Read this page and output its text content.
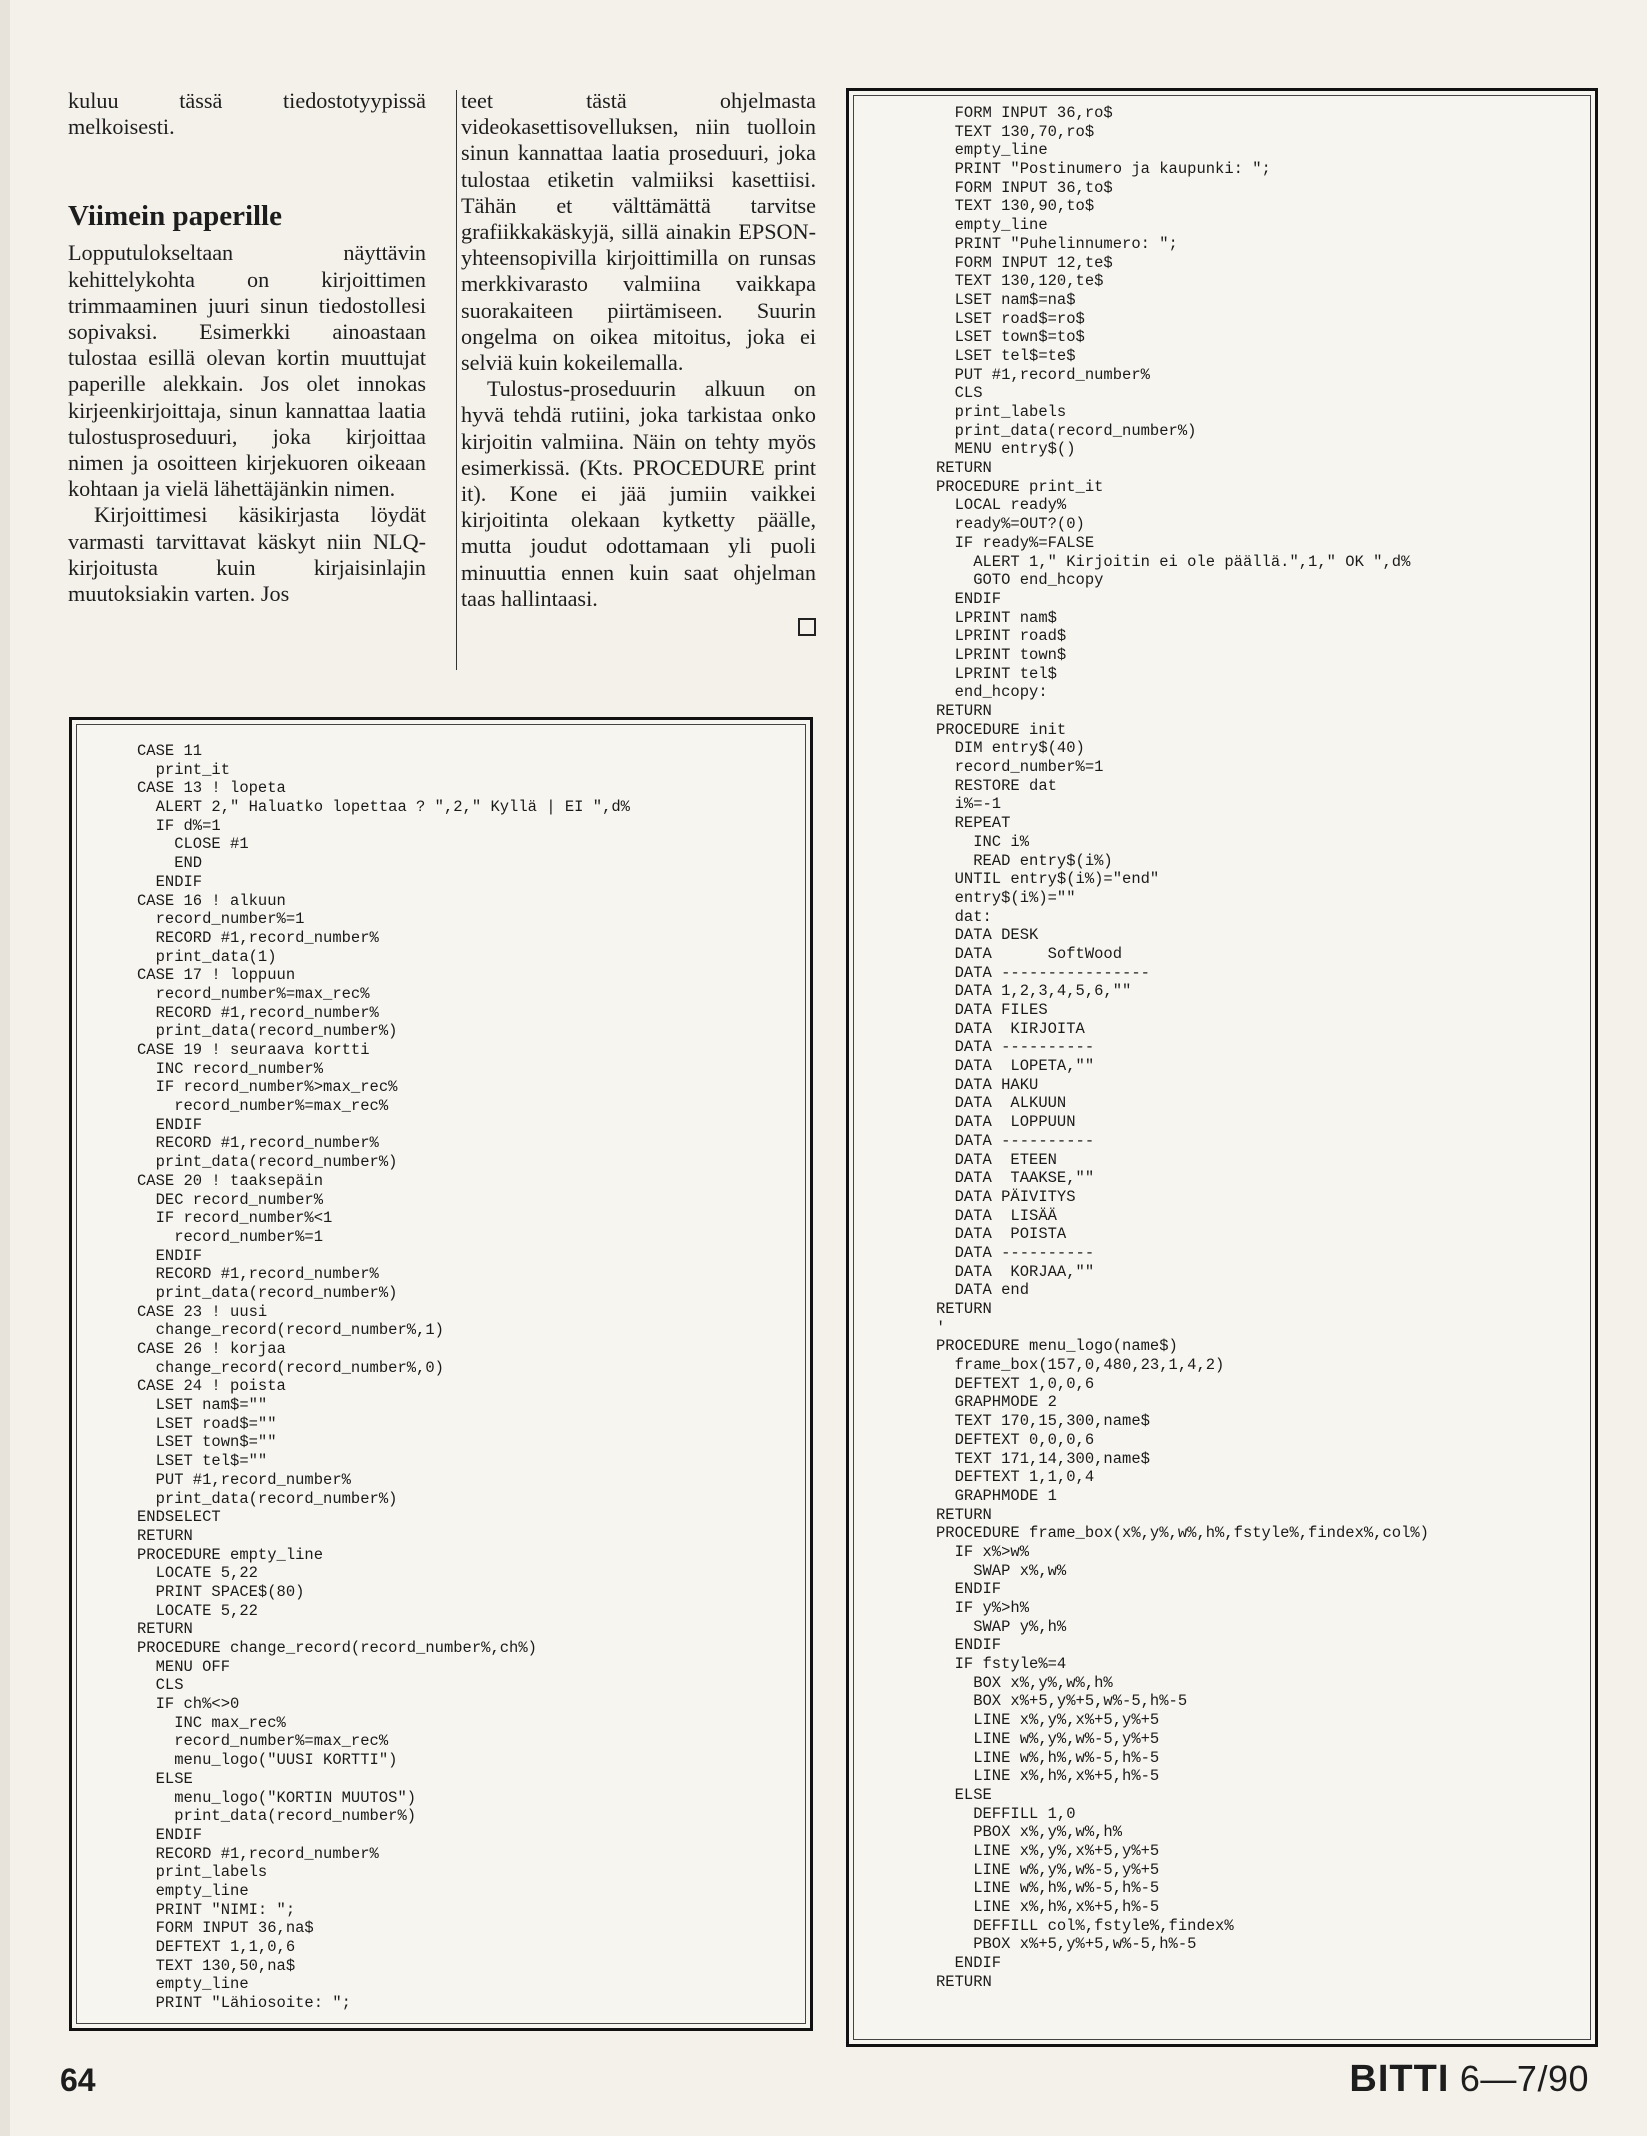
kuluu tässä tiedostotyypissä melkoisesti.

Viimein paperille

Lopputulokseltaan näyttävin kehittelykohta on kirjoittimen trimmaaminen juuri sinun tiedostollesi sopivaksi. Esimerkki ainoastaan tulostaa esillä olevan kortin muuttujat paperille alekkain. Jos olet innokas kirjeenkirjoittaja, sinun kannattaa laatia tulostusproseduuri, joka kirjoittaa nimen ja osoitteen kirjekuoren oikeaan kohtaan ja vielä lähettäjänkin nimen.

Kirjoittimesi käsikirjasta löydät varmasti tarvittavat käskyt niin NLQ-kirjoitusta kuin kirjaisinlajin muutoksiakin varten. Jos

teet tästä ohjelmasta videokasettisovelluksen, niin tuolloin sinun kannattaa laatia proseduuri, joka tulostaa etiketin valmiiksi kasettiisi. Tähän et välttämättä tarvitse grafiikkakäskyjä, sillä ainakin EPSON-yhteensopivilla kirjoittimilla on runsas merkkivarasto valmiina vaikkapa suorakaiteen piirtämiseen. Suurin ongelma on oikea mitoitus, joka ei selviä kuin kokeilemalla.

Tulostus-proseduurin alkuun on hyvä tehdä rutiini, joka tarkistaa onko kirjoitin valmiina. Näin on tehty myös esimerkissä. (Kts. PROCEDURE print it). Kone ei jää jumiin vaikkei kirjoitinta olekaan kytketty päälle, mutta joudut odottamaan yli puoli minuuttia ennen kuin saat ohjelman taas hallintaasi.

CASE 11
print_it
CASE 13 ! lopeta
ALERT 2," Haluatko lopettaa ? ",2," Kyllä | EI ",d%
IF d%=1
CLOSE #1
END
ENDIF
CASE 16 ! alkuun
record_number%=1
RECORD #1,record_number%
print_data(1)
CASE 17 ! loppuun
record_number%=max_rec%
RECORD #1,record_number%
print_data(record_number%)
CASE 19 ! seuraava kortti
INC record_number%
IF record_number%>max_rec%
record_number%=max_rec%
ENDIF
RECORD #1,record_number%
print_data(record_number%)
CASE 20 ! taaksepäin
DEC record_number%
IF record_number%<1
record_number%=1
ENDIF
RECORD #1,record_number%
print_data(record_number%)
CASE 23 ! uusi
change_record(record_number%,1)
CASE 26 ! korjaa
change_record(record_number%,0)
CASE 24 ! poista
LSET nam$=""
LSET road$=""
LSET town$=""
LSET tel$=""
PUT #1,record_number%
print_data(record_number%)
ENDSELECT
RETURN
PROCEDURE empty_line
LOCATE 5,22
PRINT SPACE$(80)
LOCATE 5,22
RETURN
PROCEDURE change_record(record_number%,ch%)
MENU OFF
CLS
IF ch%<>0
INC max_rec%
record_number%=max_rec%
menu_logo("UUSI KORTTI")
ELSE
menu_logo("KORTIN MUUTOS")
print_data(record_number%)
ENDIF
RECORD #1,record_number%
print_labels
empty_line
PRINT "NIMI: ";
FORM INPUT 36,na$
DEFTEXT 1,1,0,6
TEXT 130,50,na$
empty_line
PRINT "Lähiosoite: ";
FORM INPUT 36,ro$
TEXT 130,70,ro$
empty_line
PRINT "Postinumero ja kaupunki: ";
FORM INPUT 36,to$
TEXT 130,90,to$
empty_line
PRINT "Puhelinnumero: ";
FORM INPUT 12,te$
TEXT 130,120,te$
LSET nam$=na$
LSET road$=ro$
LSET town$=to$
LSET tel$=te$
PUT #1,record_number%
CLS
print_labels
print_data(record_number%)
MENU entry$()
RETURN
PROCEDURE print_it
LOCAL ready%
ready%=OUT?(0)
IF ready%=FALSE
ALERT 1," Kirjoitin ei ole päällä.",1," OK ",d%
GOTO end_hcopy
ENDIF
LPRINT nam$
LPRINT road$
LPRINT town$
LPRINT tel$
end_hcopy:
RETURN
PROCEDURE init
DIM entry$(40)
record_number%=1
RESTORE dat
i%=-1
REPEAT
INC i%
READ entry$(i%)
UNTIL entry$(i%)="end"
entry$(i%)=""
dat:
DATA DESK
DATA      SoftWood
DATA ----------------
DATA 1,2,3,4,5,6,""
DATA FILES
DATA  KIRJOITA
DATA ----------
DATA  LOPETA,""
DATA HAKU
DATA  ALKUUN
DATA  LOPPUUN
DATA ----------
DATA  ETEEN
DATA  TAAKSE,""
DATA PÄIVITYS
DATA  LISÄÄ
DATA  POISTA
DATA ----------
DATA  KORJAA,""
DATA end
RETURN
'
PROCEDURE menu_logo(name$)
frame_box(157,0,480,23,1,4,2)
DEFTEXT 1,0,0,6
GRAPHMODE 2
TEXT 170,15,300,name$
DEFTEXT 0,0,0,6
TEXT 171,14,300,name$
DEFTEXT 1,1,0,4
GRAPHMODE 1
RETURN
PROCEDURE frame_box(x%,y%,w%,h%,fstyle%,findex%,col%)
IF x%>w%
SWAP x%,w%
ENDIF
IF y%>h%
SWAP y%,h%
ENDIF
IF fstyle%=4
BOX x%,y%,w%,h%
BOX x%+5,y%+5,w%-5,h%-5
LINE x%,y%,x%+5,y%+5
LINE w%,y%,w%-5,y%+5
LINE w%,h%,w%-5,h%-5
LINE x%,h%,x%+5,h%-5
ELSE
DEFFILL 1,0
PBOX x%,y%,w%,h%
LINE x%,y%,x%+5,y%+5
LINE w%,y%,w%-5,y%+5
LINE w%,h%,w%-5,h%-5
LINE x%,h%,x%+5,h%-5
DEFFILL col%,fstyle%,findex%
PBOX x%+5,y%+5,w%-5,h%-5
ENDIF
RETURN
64	BITTI 6—7/90
